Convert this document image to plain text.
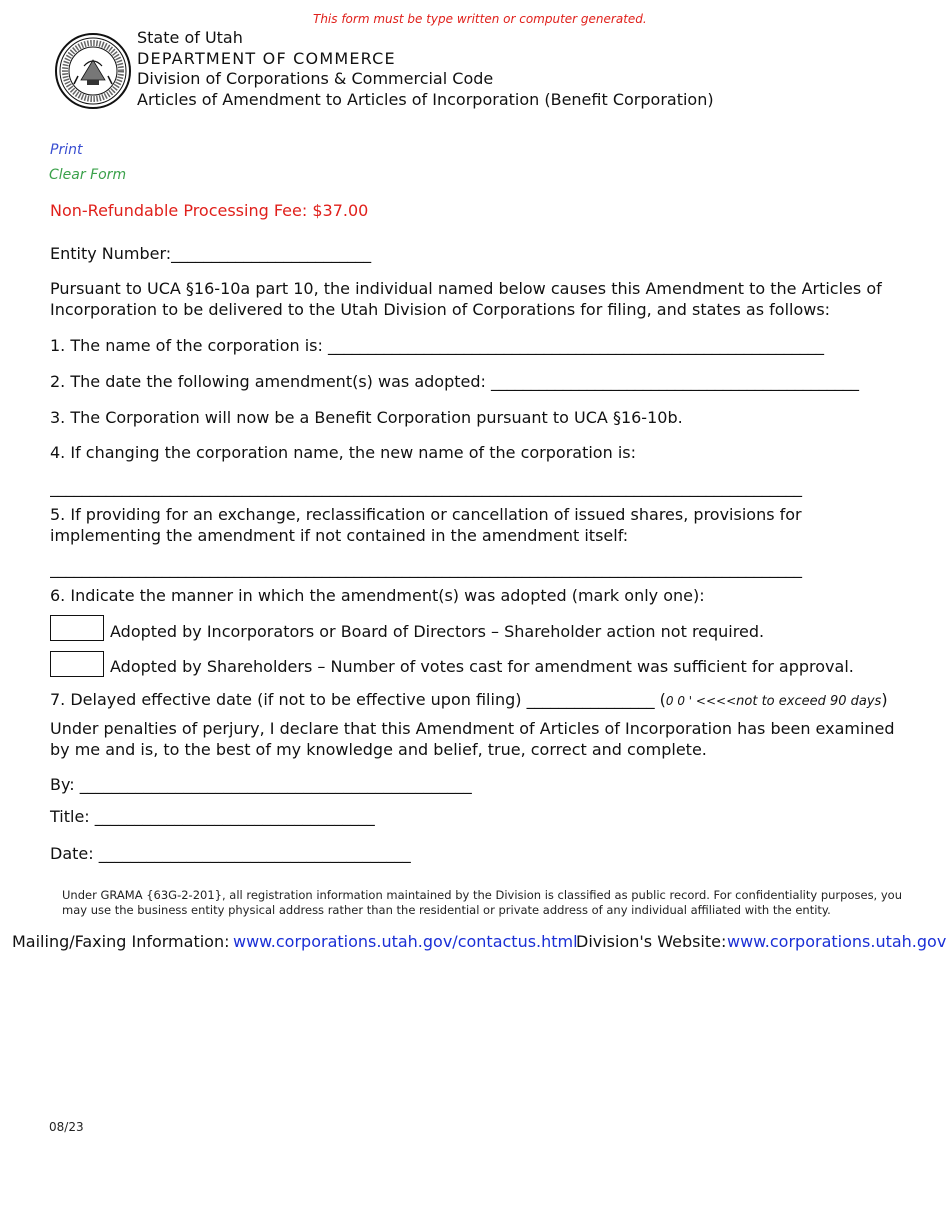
This form must be type written or computer generated.
State of Utah
DEPARTMENT OF COMMERCE
Division of Corporations & Commercial Code
Articles of Amendment to Articles of Incorporation (Benefit Corporation)
Print
Clear Form
Non-Refundable Processing Fee: $37.00
Entity Number:_________________________
Pursuant to UCA §16-10a part 10, the individual named below causes this Amendment to the Articles of Incorporation to be delivered to the Utah Division of Corporations for filing, and states as follows:
1. The name of the corporation is: ______________________________________________________________
2. The date the following amendment(s) was adopted: ______________________________________________
3. The Corporation will now be a Benefit Corporation pursuant to UCA §16-10b.
4. If changing the corporation name, the new name of the corporation is:
______________________________________________________________________________________________
5. If providing for an exchange, reclassification or cancellation of issued shares, provisions for implementing the amendment if not contained in the amendment itself:
______________________________________________________________________________________________
6. Indicate the manner in which the amendment(s) was adopted (mark only one):
Adopted by Incorporators or Board of Directors – Shareholder action not required.
Adopted by Shareholders – Number of votes cast for amendment was sufficient for approval.
7. Delayed effective date (if not to be effective upon filing) ________________ (0 0 ' <<<<not to exceed 90 days)
Under penalties of perjury, I declare that this Amendment of Articles of Incorporation has been examined by me and is, to the best of my knowledge and belief, true, correct and complete.
By: _________________________________________________
Title: ___________________________________
Date: _______________________________________
Under GRAMA {63G-2-201}, all registration information maintained by the Division is classified as public record. For confidentiality purposes, you may use the business entity physical address rather than the residential or private address of any individual affiliated with the entity.
Mailing/Faxing Information: www.corporations.utah.gov/contactus.html
Division's Website: www.corporations.utah.gov
08/23
